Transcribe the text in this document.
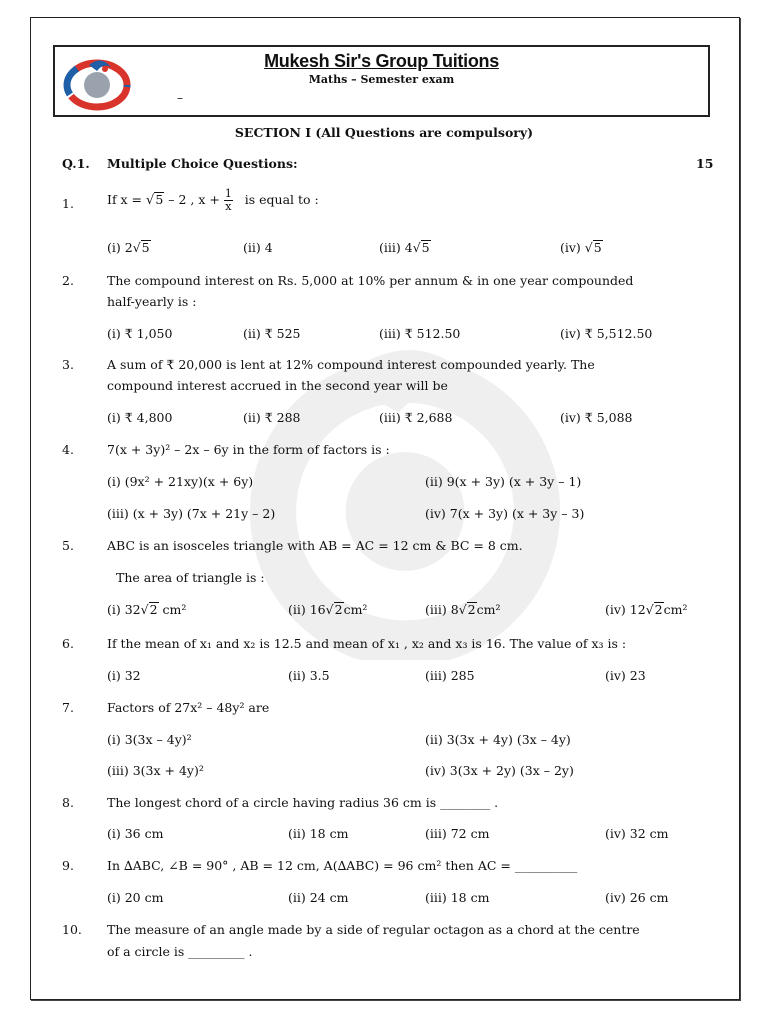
Mukesh Sir's Group Tuitions
Maths – Semester exam
–
SECTION I (All Questions are compulsory)
Q.1. Multiple Choice Questions:	15
1.	If x = √5 – 2 , $x + \frac{1}{x}$ is equal to :
(i) 2√5	(ii) 4	(iii) 4√5	(iv) √5
2.	The compound interest on Rs. 5,000 at 10% per annum & in one year compounded
half-yearly is :
(i) ₹ 1,050	(ii) ₹ 525	(iii) ₹ 512.50	(iv) ₹ 5,512.50
3.	A sum of ₹ 20,000 is lent at 12% compound interest compounded yearly. The
compound interest accrued in the second year will be
(i) ₹ 4,800	(ii) ₹ 288	(iii) ₹ 2,688	(iv) ₹ 5,088
4.	7(x + 3y)² – 2x – 6y in the form of factors is :
(i) (9x² + 21xy)(x + 6y)	(ii) 9(x + 3y) (x + 3y – 1)
(iii) (x + 3y) (7x + 21y – 2)	(iv) 7(x + 3y) (x + 3y – 3)
5.	ABC is an isosceles triangle with AB = AC = 12 cm & BC = 8 cm.
The area of triangle is :
(i) 32√2 cm²	(ii) 16√2cm²	(iii) 8√2cm²	(iv) 12√2cm²
6.	If the mean of x₁ and x₂ is 12.5 and mean of x₁ , x₂ and x₃ is 16. The value of x₃ is :
(i) 32	(ii) 3.5	(iii) 285	(iv) 23
7.	Factors of 27x² – 48y² are
(i) 3(3x – 4y)²	(ii) 3(3x + 4y) (3x – 4y)
(iii) 3(3x + 4y)²	(iv) 3(3x + 2y) (3x – 2y)
8.	The longest chord of a circle having radius 36 cm is ________ .
(i) 36 cm	(ii) 18 cm	(iii) 72 cm	(iv) 32 cm
9.	In ∆ABC, ∠B = 90° , AB = 12 cm, A(∆ABC) = 96 cm² then AC = __________
(i) 20 cm	(ii) 24 cm	(iii) 18 cm	(iv) 26 cm
10. The measure of an angle made by a side of regular octagon as a chord at the centre
of a circle is _________ .
